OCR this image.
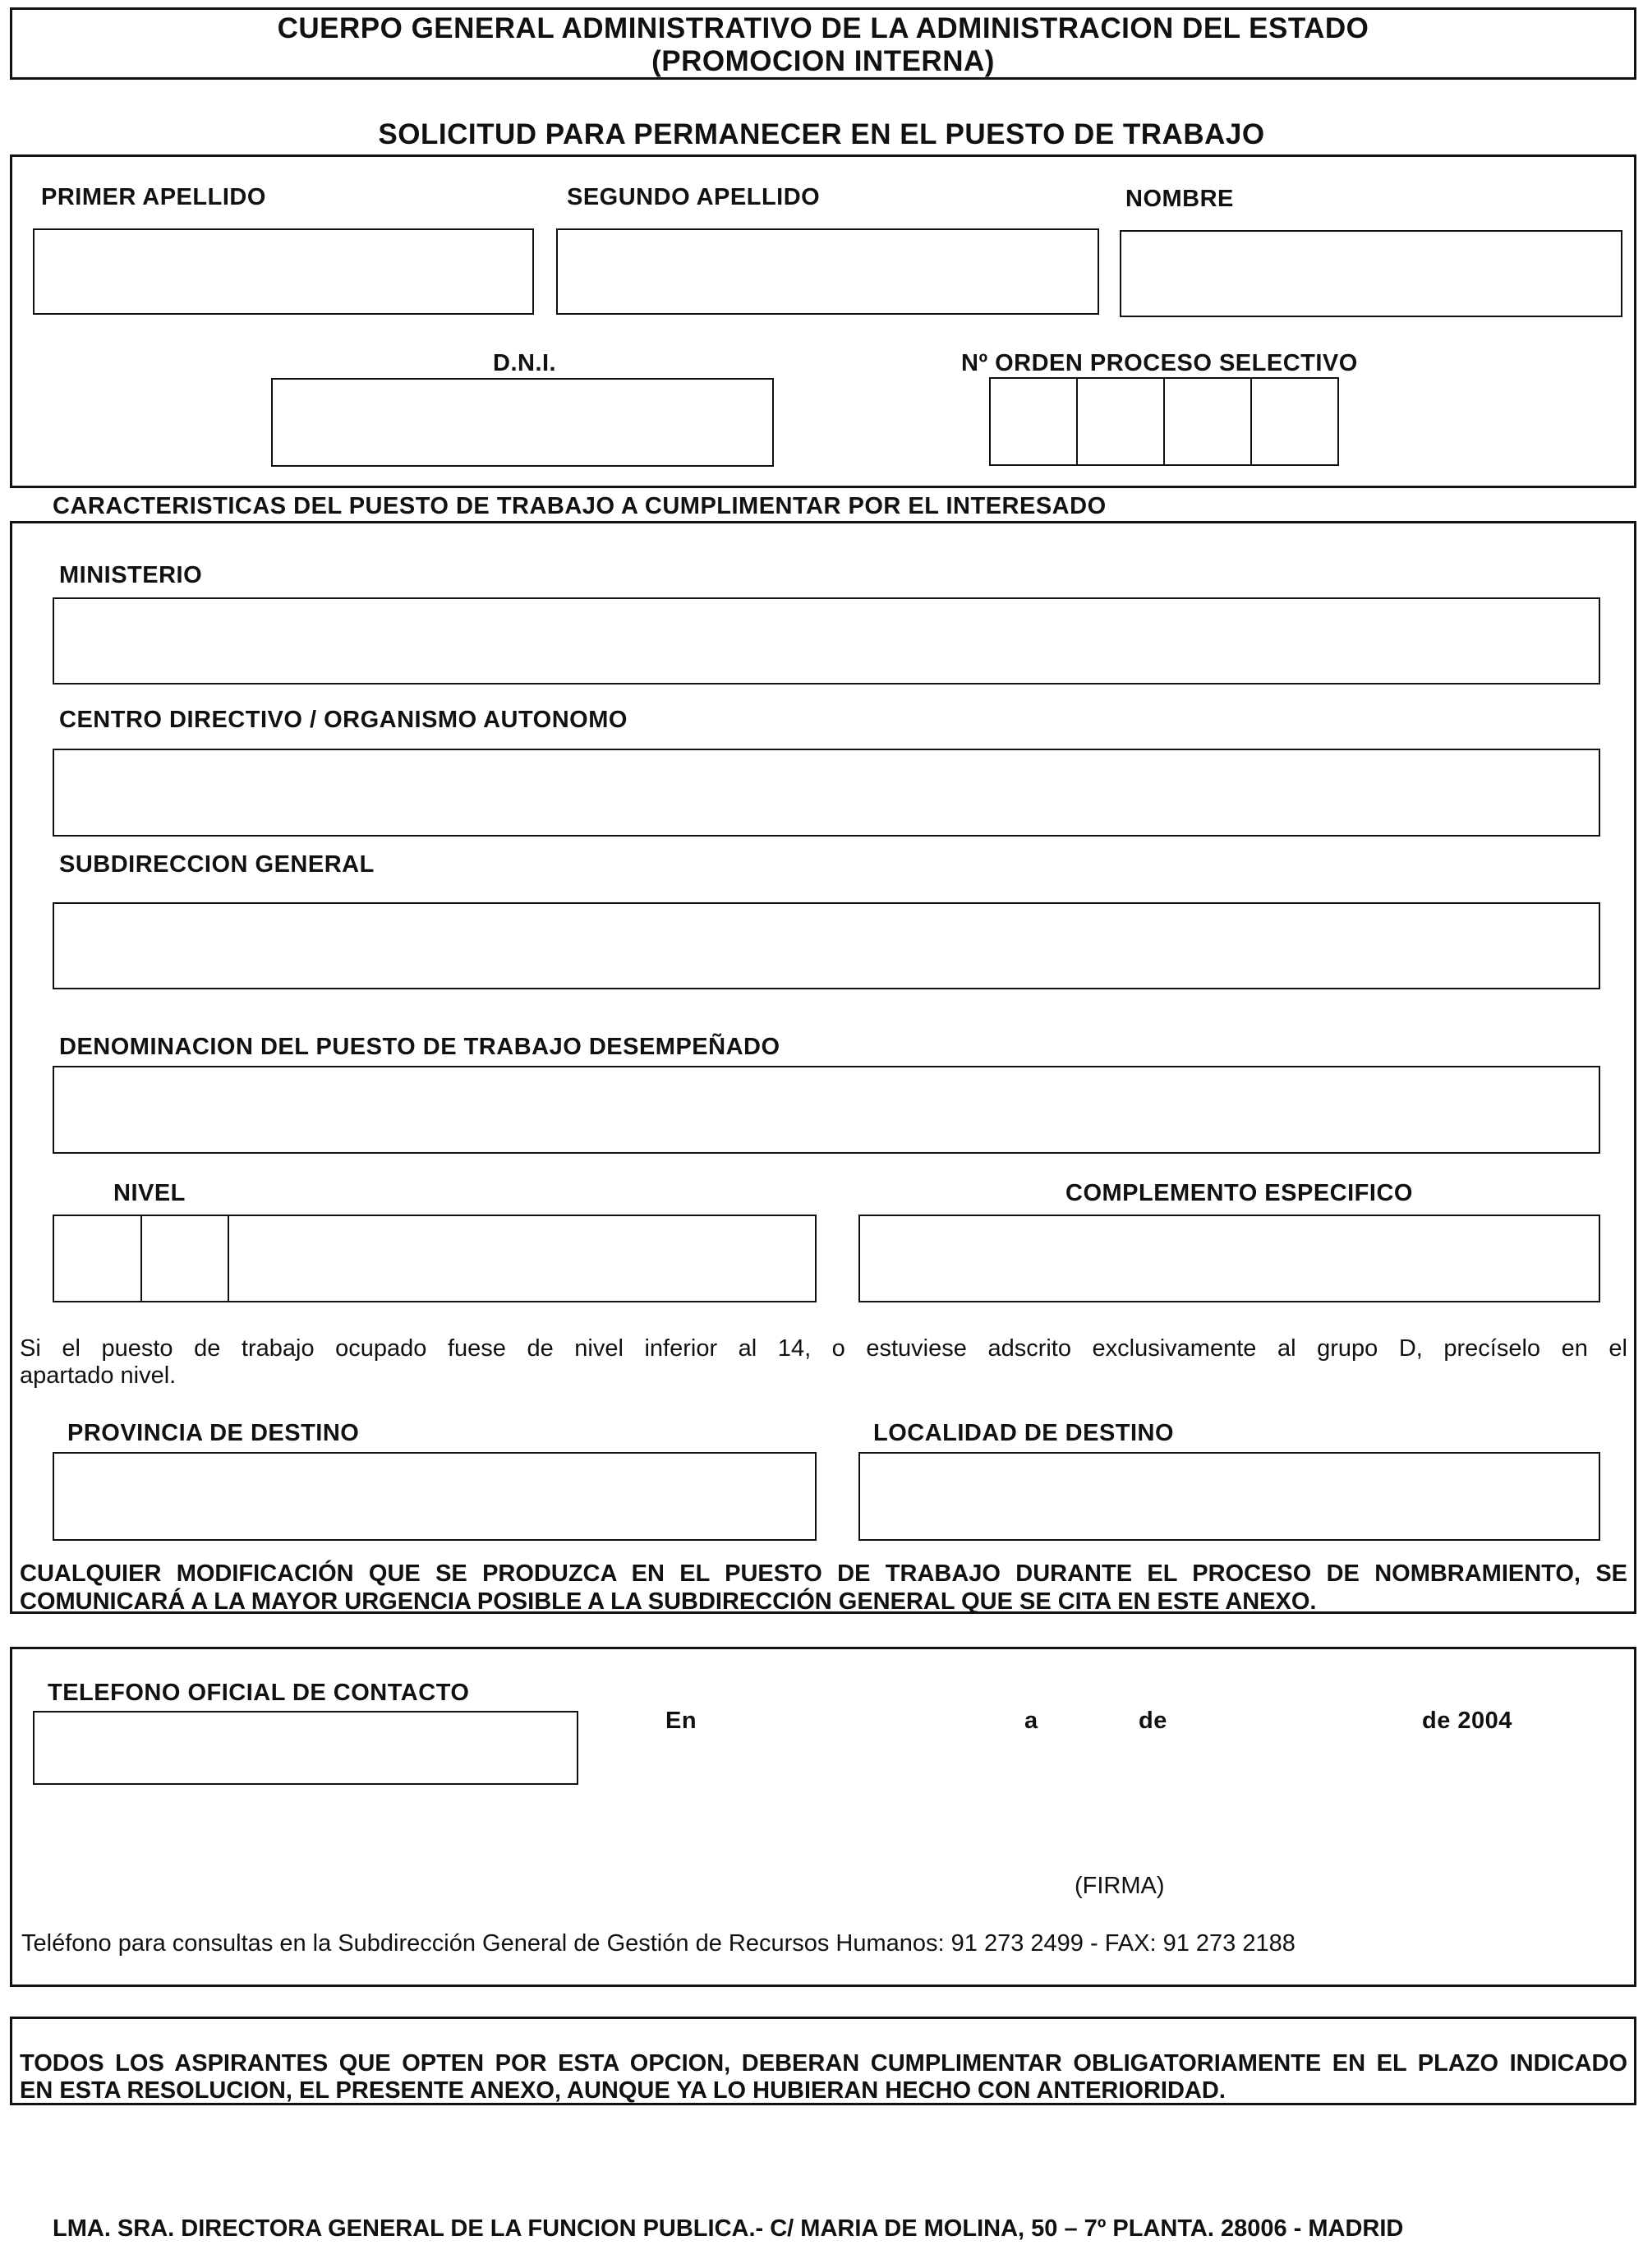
CUERPO GENERAL ADMINISTRATIVO DE LA ADMINISTRACION DEL ESTADO
(PROMOCION INTERNA)
SOLICITUD PARA PERMANECER EN EL PUESTO DE TRABAJO
PRIMER APELLIDO	SEGUNDO APELLIDO	NOMBRE
D.N.I.	Nº ORDEN PROCESO SELECTIVO
CARACTERISTICAS DEL PUESTO DE TRABAJO A CUMPLIMENTAR POR EL INTERESADO
MINISTERIO
CENTRO DIRECTIVO / ORGANISMO AUTONOMO
SUBDIRECCION GENERAL
DENOMINACION DEL PUESTO DE TRABAJO DESEMPEÑADO
NIVEL	COMPLEMENTO ESPECIFICO
Si el puesto de trabajo ocupado fuese de nivel inferior al 14, o estuviese adscrito exclusivamente al grupo D, precíselo en el
apartado nivel.
PROVINCIA DE DESTINO	LOCALIDAD DE DESTINO
CUALQUIER MODIFICACIÓN QUE SE PRODUZCA EN EL PUESTO DE TRABAJO DURANTE EL PROCESO DE NOMBRAMIENTO, SE
COMUNICARÁ A LA MAYOR URGENCIA POSIBLE A LA SUBDIRECCIÓN GENERAL QUE SE CITA EN ESTE ANEXO.
TELEFONO OFICIAL DE CONTACTO
En	a	de	de 2004
(FIRMA)
Teléfono para consultas en la Subdirección General de Gestión de Recursos Humanos: 91 273 2499 - FAX: 91 273 2188
TODOS LOS ASPIRANTES QUE OPTEN POR ESTA OPCION, DEBERAN CUMPLIMENTAR OBLIGATORIAMENTE EN EL PLAZO INDICADO
EN ESTA RESOLUCION, EL PRESENTE ANEXO, AUNQUE YA LO HUBIERAN HECHO CON ANTERIORIDAD.
LMA. SRA. DIRECTORA GENERAL DE LA FUNCION PUBLICA.- C/ MARIA DE MOLINA, 50 – 7º PLANTA. 28006 - MADRID
